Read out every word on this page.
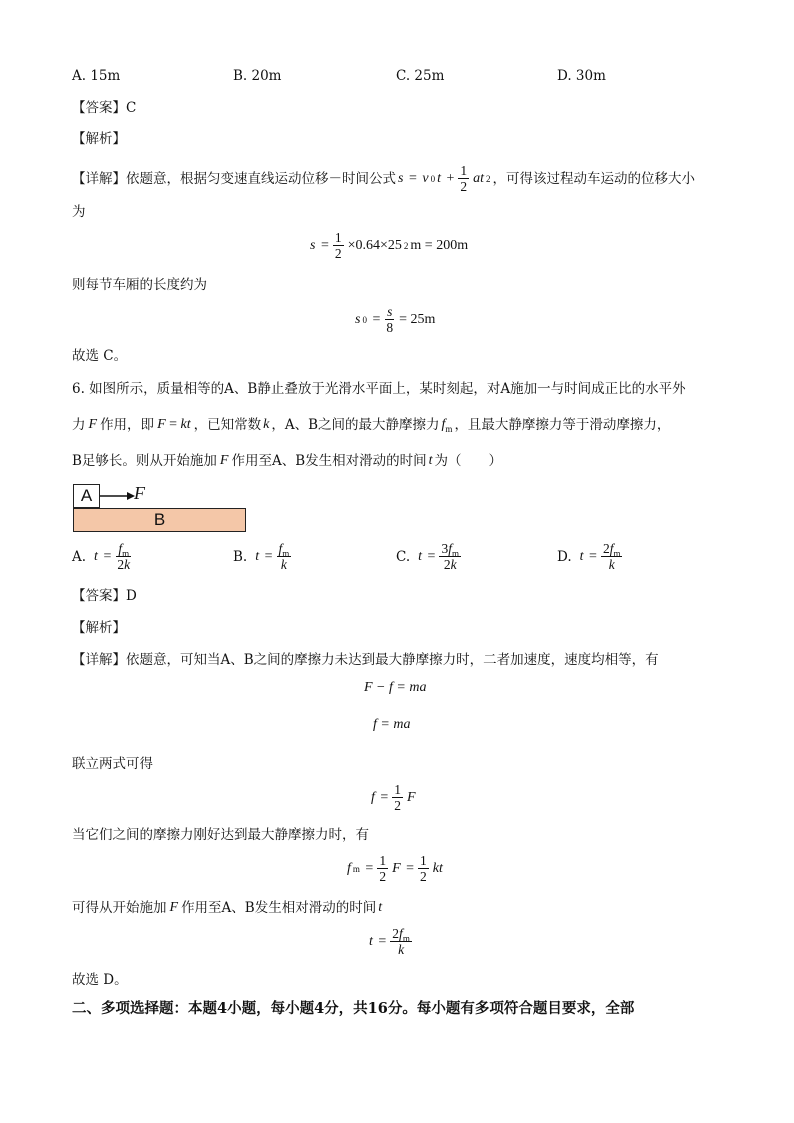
A. 15m	B. 20m	C. 25m	D. 30m
【答案】C
【解析】
【详解】 依题意，根据匀变速直线运动位移－时间公式 s = v 0 $t + \frac{1}{2}$ at 2 ，可得该过程动车运动的位移大小
为
$s = \frac{1}{2} \times 0.64\times 25$ 2 m = 200m
则每节车厢的长度约为
s $0 = \frac{s}{8} = 25m$
故选 C。
6. 如图所示，质量相等的A、B静止叠放于光滑水平面上，某时刻起，对A施加一与时间成正比的水平外
力 F 作用，即 F = kt ，已知常数 k ，A、B之间的最大静摩擦力 $f_m$ ，且最大静摩擦力等于滑动摩擦力，
B足够长。则从开始施加 F 作用至A、B发生相对滑动的时间 t 为（　　）
A F
B
A. $t = \frac{f_m}{2k}$	B. $t = \frac{f_m}{k}$	C. $t = \frac{3f_m}{2k}$	D. $t = \frac{2f_m}{k}$
【答案】D
【解析】
【详解】 依题意，可知当A、B之间的摩擦力未达到最大静摩擦力时，二者加速度，速度均相等，有
F − f = ma
f = ma
联立两式可得
$f = \frac{1}{2}$ F
当它们之间的摩擦力刚好达到最大静摩擦力时，有
f $m = \frac{1}{2}$ $F = \frac{1}{2}$ kt
可得从开始施加 F 作用至A、B发生相对滑动的时间 t
$t = \frac{2f_m}{k}$
故选 D。
二、多项选择题：本题4小题，每小题4分，共16分。每小题有多项符合题目要求，全部
